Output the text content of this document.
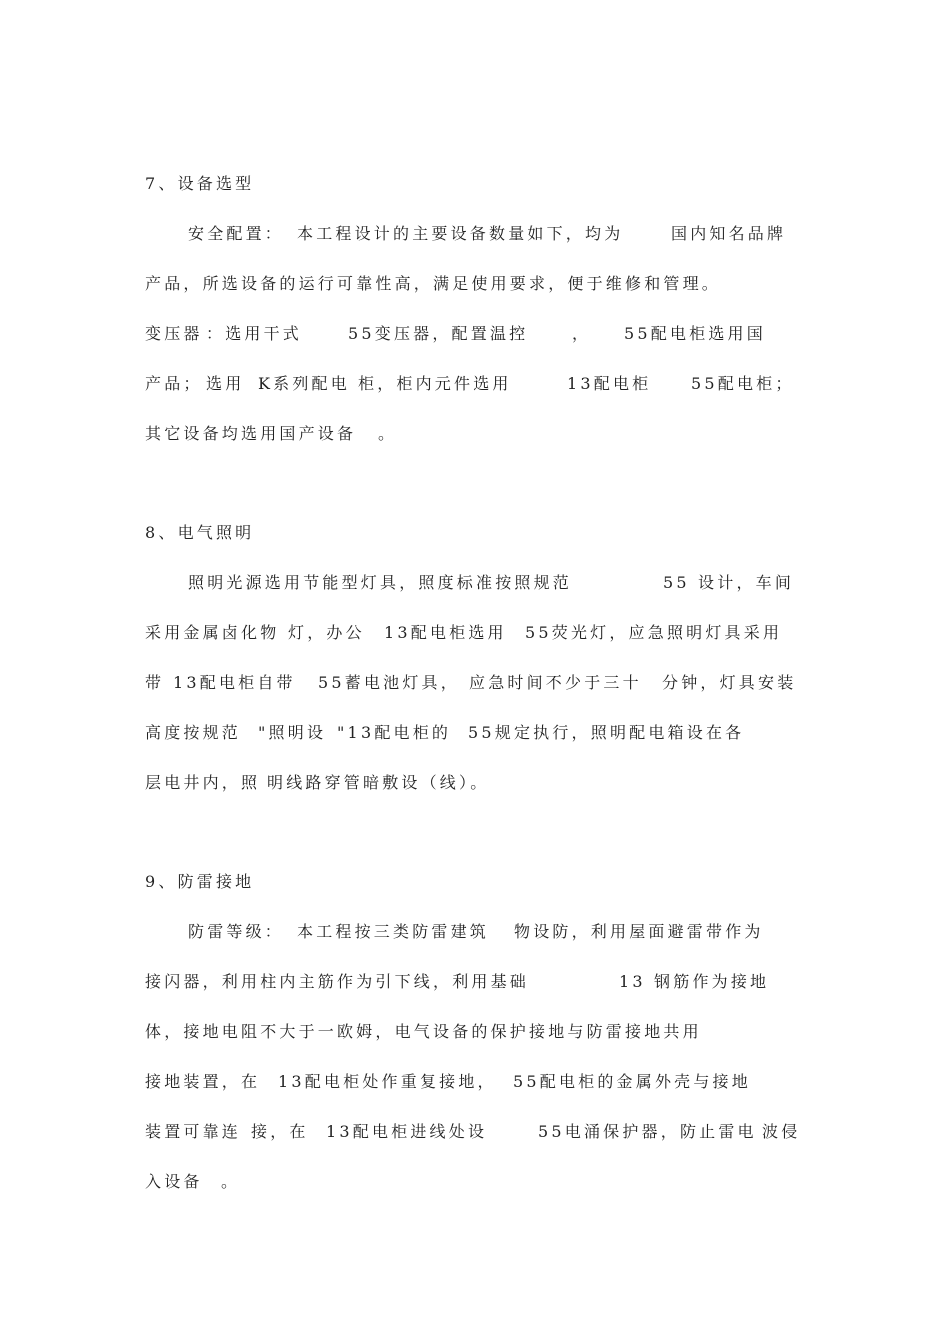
7、设备选型
安全配置： 本工程设计的主要设备数量如下，均为	国内知名品牌
产品，所选设备的运行可靠性高，满足使用要求，便于维修和管理。
变压器 ：选用干式	55变压器，配置温控	， 55配电柜选用国
产品； 选用 K系列配电 柜，柜内元件选用	13配电柜 55配电柜；
其它设备均选用国产设备 。
8、电气照明
照明光源选用节能型灯具，照度标准按照规范	55 设计，车间
采用金属卤化物 灯，办公 13配电柜选用 55荧光灯，应急照明灯具采用
带 13配电柜自带 55蓄电池灯具， 应急时间不少于三十 分钟，灯具安装
高度按规范 "照明设 "13配电柜的 55规定执行，照明配电箱设在各
层电井内，照 明线路穿管暗敷设（线）。
9、防雷接地
防雷等级： 本工程按三类防雷建筑 物设防，利用屋面避雷带作为
接闪器，利用柱内主筋作为引下线，利用基础	13 钢筋作为接地
体，接地电阻不大于一欧姆，电气设备的保护接地与防雷接地共用
接地装置，在 13配电柜处作重复接地， 55配电柜的金属外壳与接地
装置可靠连 接，在 13配电柜进线处设	55电涌保护器，防止雷电 波侵
入设备 。
